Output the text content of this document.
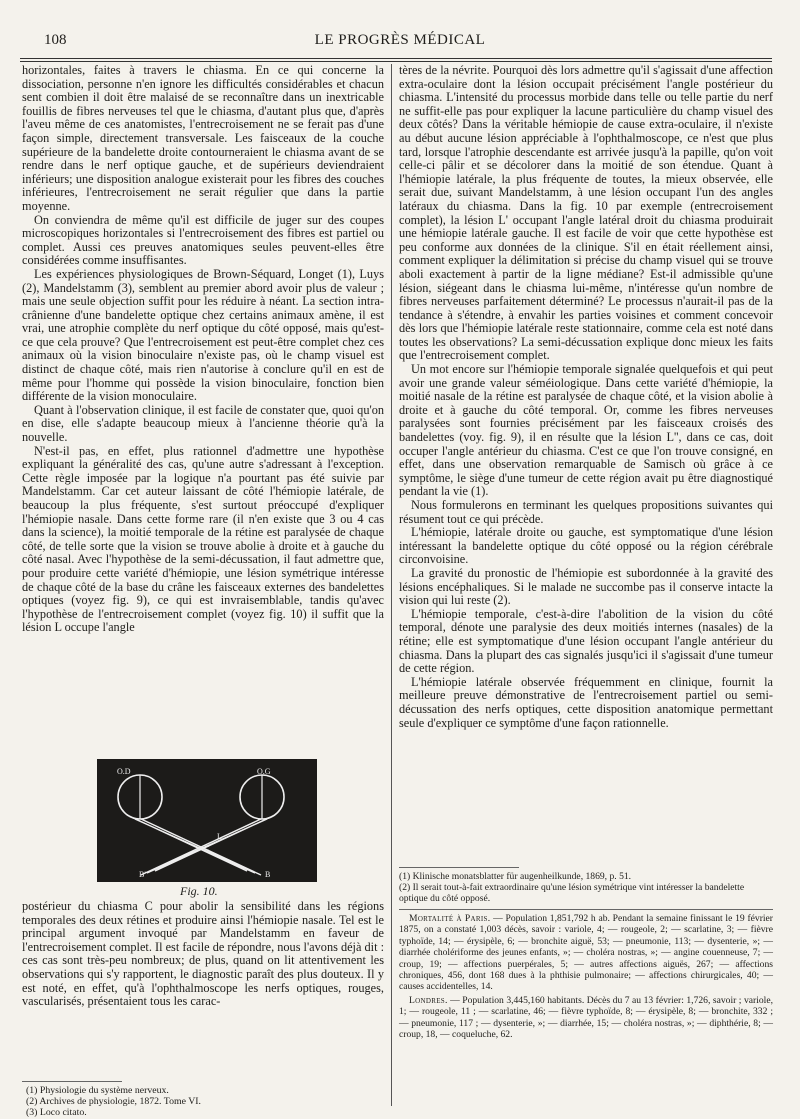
108	LE PROGRÈS MÉDICAL

horizontales, faites à travers le chiasma. En ce qui concerne la dissociation, personne n'en ignore les difficultés considérables et chacun sent combien il doit être malaisé de se reconnaître dans un inextricable fouillis de fibres nerveuses tel que le chiasma, d'autant plus que, d'après l'aveu même de ces anatomistes, l'entrecroisement ne se ferait pas d'une façon simple, directement transversale. Les faisceaux de la couche supérieure de la bandelette droite contourneraient le chiasma avant de se rendre dans le nerf optique gauche, et de supérieurs deviendraient inférieurs; une disposition analogue existerait pour les fibres des couches inférieures, l'entrecroisement ne serait régulier que dans la partie moyenne.

On conviendra de même qu'il est difficile de juger sur des coupes microscopiques horizontales si l'entrecroisement des fibres est partiel ou complet. Aussi ces preuves anatomiques seules peuvent-elles être considérées comme insuffisantes.

Les expériences physiologiques de Brown-Séquard, Longet (1), Luys (2), Mandelstamm (3), semblent au premier abord avoir plus de valeur ; mais une seule objection suffit pour les réduire à néant. La section intra-crânienne d'une bandelette optique chez certains animaux amène, il est vrai, une atrophie complète du nerf optique du côté opposé, mais qu'est-ce que cela prouve? Que l'entrecroisement est peut-être complet chez ces animaux où la vision binoculaire n'existe pas, où le champ visuel est distinct de chaque côté, mais rien n'autorise à conclure qu'il en est de même pour l'homme qui possède la vision binoculaire, fonction bien différente de la vision monoculaire.

Quant à l'observation clinique, il est facile de constater que, quoi qu'on en dise, elle s'adapte beaucoup mieux à l'ancienne théorie qu'à la nouvelle.

N'est-il pas, en effet, plus rationnel d'admettre une hypothèse expliquant la généralité des cas, qu'une autre s'adressant à l'exception. Cette règle imposée par la logique n'a pourtant pas été suivie par Mandelstamm. Car cet auteur laissant de côté l'hémiopie latérale, de beaucoup la plus fréquente, s'est surtout préoccupé d'expliquer l'hémiopie nasale. Dans cette forme rare (il n'en existe que 3 ou 4 cas dans la science), la moitié temporale de la rétine est paralysée de chaque côté, de telle sorte que la vision se trouve abolie à droite et à gauche du côté nasal. Avec l'hypothèse de la semi-décussation, il faut admettre que, pour produire cette variété d'hémiopie, une lésion symétrique intéresse de chaque côté de la base du crâne les faisceaux externes des bandelettes optiques (voyez fig. 9), ce qui est invraisemblable, tandis qu'avec l'hypothèse de l'entrecroisement complet (voyez fig. 10) il suffit que la lésion L occupe l'angle

O.D	O.G
L
C
B'	B
Fig. 10.

postérieur du chiasma C pour abolir la sensibilité dans les régions temporales des deux rétines et produire ainsi l'hémiopie nasale. Tel est le principal argument invoqué par Mandelstamm en faveur de l'entrecroisement complet. Il est facile de répondre, nous l'avons déjà dit : ces cas sont très-peu nombreux; de plus, quand on lit attentivement les observations qui s'y rapportent, le diagnostic paraît des plus douteux. Il y est noté, en effet, qu'à l'ophthalmoscope les nerfs optiques, rouges, vascularisés, présentaient tous les carac-

(1) Physiologie du système nerveux.
(2) Archives de physiologie, 1872. Tome VI.
(3) Loco citato.

tères de la névrite. Pourquoi dès lors admettre qu'il s'agissait d'une affection extra-oculaire dont la lésion occupait précisément l'angle postérieur du chiasma. L'intensité du processus morbide dans telle ou telle partie du nerf ne suffit-elle pas pour expliquer la lacune particulière du champ visuel des deux côtés? Dans la véritable hémiopie de cause extra-oculaire, il n'existe au début aucune lésion appréciable à l'ophthalmoscope, ce n'est que plus tard, lorsque l'atrophie descendante est arrivée jusqu'à la papille, qu'on voit celle-ci pâlir et se décolorer dans la moitié de son étendue. Quant à l'hémiopie latérale, la plus fréquente de toutes, la mieux observée, elle serait due, suivant Mandelstamm, à une lésion occupant l'un des angles latéraux du chiasma. Dans la fig. 10 par exemple (entrecroisement complet), la lésion L' occupant l'angle latéral droit du chiasma produirait une hémiopie latérale gauche. Il est facile de voir que cette hypothèse est peu conforme aux données de la clinique. S'il en était réellement ainsi, comment expliquer la délimitation si précise du champ visuel qui se trouve aboli exactement à partir de la ligne médiane? Est-il admissible qu'une lésion, siégeant dans le chiasma lui-même, n'intéresse qu'un nombre de fibres nerveuses parfaitement déterminé? Le processus n'aurait-il pas de la tendance à s'étendre, à envahir les parties voisines et comment concevoir dès lors que l'hémiopie latérale reste stationnaire, comme cela est noté dans toutes les observations? La semi-décussation explique donc mieux les faits que l'entrecroisement complet.

Un mot encore sur l'hémiopie temporale signalée quelquefois et qui peut avoir une grande valeur séméiologique. Dans cette variété d'hémiopie, la moitié nasale de la rétine est paralysée de chaque côté, et la vision abolie à droite et à gauche du côté temporal. Or, comme les fibres nerveuses paralysées sont fournies précisément par les faisceaux croisés des bandelettes (voy. fig. 9), il en résulte que la lésion L'', dans ce cas, doit occuper l'angle antérieur du chiasma. C'est ce que l'on trouve consigné, en effet, dans une observation remarquable de Samisch où grâce à ce symptôme, le siège d'une tumeur de cette région avait pu être diagnostiqué pendant la vie (1).

Nous formulerons en terminant les quelques propositions suivantes qui résument tout ce qui précède.

L'hémiopie, latérale droite ou gauche, est symptomatique d'une lésion intéressant la bandelette optique du côté opposé ou la région cérébrale circonvoisine.

La gravité du pronostic de l'hémiopie est subordonnée à la gravité des lésions encéphaliques. Si le malade ne succombe pas il conserve intacte la vision qui lui reste (2).

L'hémiopie temporale, c'est-à-dire l'abolition de la vision du côté temporal, dénote une paralysie des deux moitiés internes (nasales) de la rétine; elle est symptomatique d'une lésion occupant l'angle antérieur du chiasma. Dans la plupart des cas signalés jusqu'ici il s'agissait d'une tumeur de cette région.

L'hémiopie latérale observée fréquemment en clinique, fournit la meilleure preuve démonstrative de l'entrecroisement partiel ou semi-décussation des nerfs optiques, cette disposition anatomique permettant seule d'expliquer ce symptôme d'une façon rationnelle.

(1) Klinische monatsblatter für augenheilkunde, 1869, p. 51.
(2) Il serait tout-à-fait extraordinaire qu'une lésion symétrique vint intéresser la bandelette optique du côté opposé.

Mortalité à Paris. — Population 1,851,792 h ab. Pendant la semaine finissant le 19 février 1875, on a constaté 1,003 décès, savoir : variole, 4; — rougeole, 2; — scarlatine, 3; — fièvre typhoïde, 14; — érysipèle, 6; — bronchite aiguë, 53; — pneumonie, 113; — dysenterie, »; — diarrhée cholériforme des jeunes enfants, »; — choléra nostras, »; — angine couenneuse, 7; — croup, 19; — affections puerpérales, 5; — autres affections aiguës, 267; — affections chroniques, 456, dont 168 dues à la phthisie pulmonaire; — affections chirurgicales, 40; — causes accidentelles, 14.

Londres. — Population 3,445,160 habitants. Décès du 7 au 13 février: 1,726, savoir ; variole, 1; — rougeole, 11 ; — scarlatine, 46; — fièvre typhoïde, 8; — érysipèle, 8; — bronchite, 332 ; — pneumonie, 117 ; — dysenterie, »; — diarrhée, 15; — choléra nostras, »; — diphthérie, 8; — croup, 18, — coqueluche, 62.
